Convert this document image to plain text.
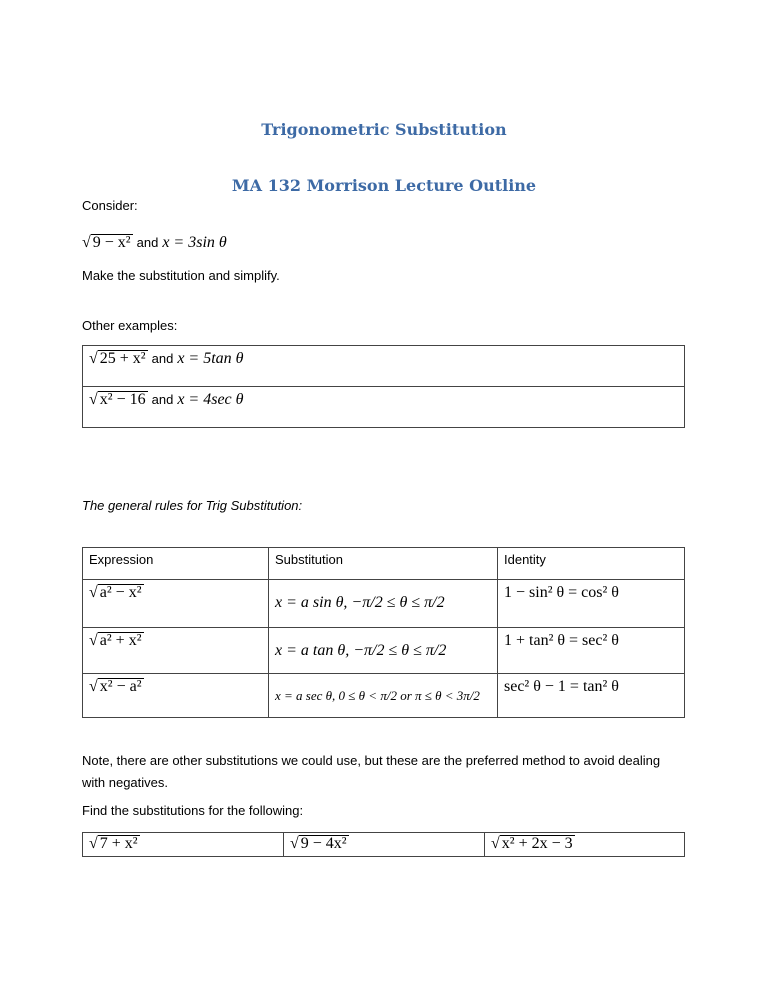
Trigonometric Substitution
MA 132 Morrison Lecture Outline
Consider:
√ 9 − x² and x = 3sin θ
Make the substitution and simplify.
Other examples:
√ 25 + x² and x = 5tan θ
√ x² − 16 and x = 4sec θ
The general rules for Trig Substitution:
Expression	Substitution	Identity
√ a² − x²	x = a sin θ, −π/2 ≤ θ ≤ π/2	1 − sin² θ = cos² θ
√ a² + x²	x = a tan θ, −π/2 ≤ θ ≤ π/2	1 + tan² θ = sec² θ
√ x² − a²	x = a sec θ, 0 ≤ θ < π/2 or π ≤ θ < 3π/2	sec² θ − 1 = tan² θ
Note, there are other substitutions we could use, but these are the preferred method to avoid dealing with negatives.
Find the substitutions for the following:
√ 7 + x²	√ 9 − 4x²	√ x² + 2x − 3
